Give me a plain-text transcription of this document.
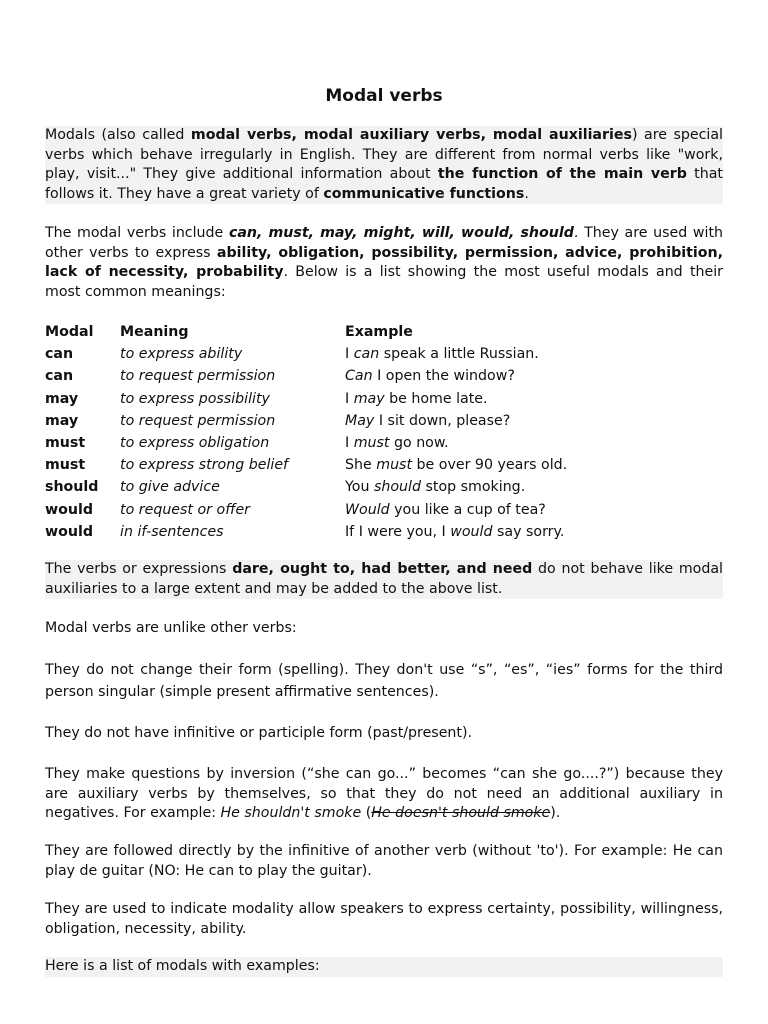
Modal verbs
Modals (also called modal verbs, modal auxiliary verbs, modal auxiliaries) are special verbs which behave irregularly in English. They are different from normal verbs like "work, play, visit..." They give additional information about the function of the main verb that follows it. They have a great variety of communicative functions.
The modal verbs include can, must, may, might, will, would, should. They are used with other verbs to express ability, obligation, possibility, permission, advice, prohibition, lack of necessity, probability. Below is a list showing the most useful modals and their most common meanings:
Modal Meaning	Example
can	to express ability	I can speak a little Russian.
can	to request permission	Can I open the window?
may	to express possibility	I may be home late.
may	to request permission	May I sit down, please?
must to express obligation	I must go now.
must to express strong belief	She must be over 90 years old.
should to give advice	You should stop smoking.
would to request or offer	Would you like a cup of tea?
would in if-sentences	If I were you, I would say sorry.
The verbs or expressions dare, ought to, had better, and need do not behave like modal auxiliaries to a large extent and may be added to the above list.
Modal verbs are unlike other verbs:
They do not change their form (spelling). They don't use “s”, “es”, “ies” forms for the third person singular (simple present affirmative sentences).
They do not have infinitive or participle form (past/present).
They make questions by inversion (“she can go...” becomes “can she go....?”) because they are auxiliary verbs by themselves, so that they do not need an additional auxiliary in negatives. For example: He shouldn't smoke (He doesn't should smoke).
They are followed directly by the infinitive of another verb (without 'to'). For example: He can play de guitar (NO: He can to play the guitar).
They are used to indicate modality allow speakers to express certainty, possibility, willingness, obligation, necessity, ability.
Here is a list of modals with examples:
